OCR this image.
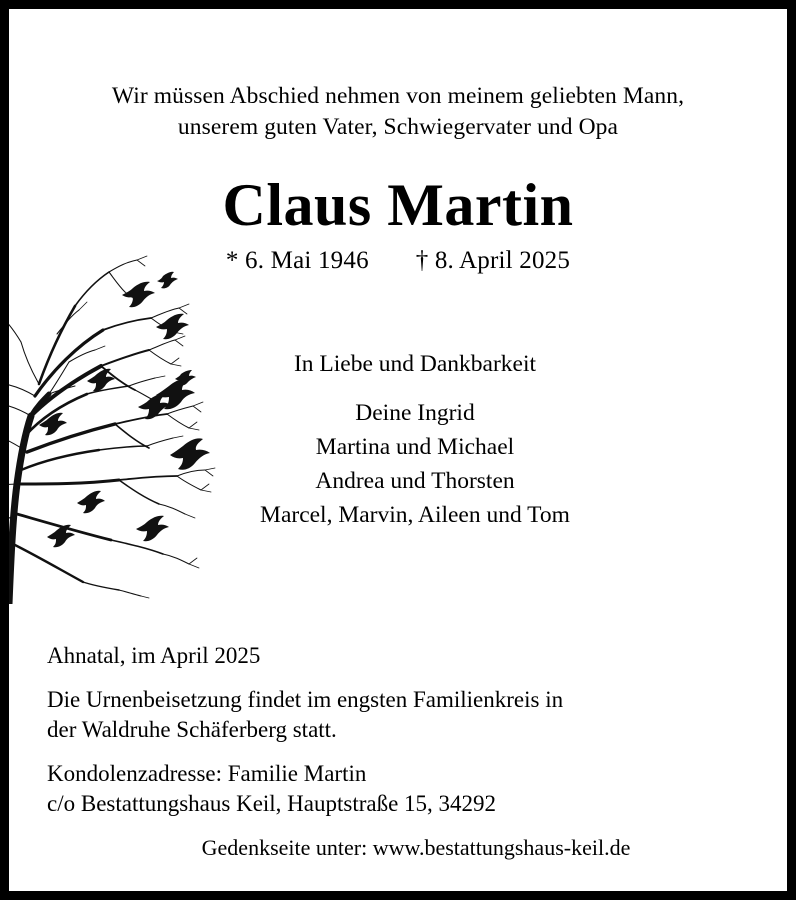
Wir müssen Abschied nehmen von meinem geliebten Mann,
unserem guten Vater, Schwiegervater und Opa
Claus Martin
* 6. Mai 1946 † 8. April 2025
In Liebe und Dankbarkeit
Deine Ingrid
Martina und Michael
Andrea und Thorsten
Marcel, Marvin, Aileen und Tom
Ahnatal, im April 2025
Die Urnenbeisetzung findet im engsten Familienkreis in
der Waldruhe Schäferberg statt.
Kondolenzadresse: Familie Martin
c/o Bestattungshaus Keil, Hauptstraße 15, 34292
Gedenkseite unter: www.bestattungshaus-keil.de
